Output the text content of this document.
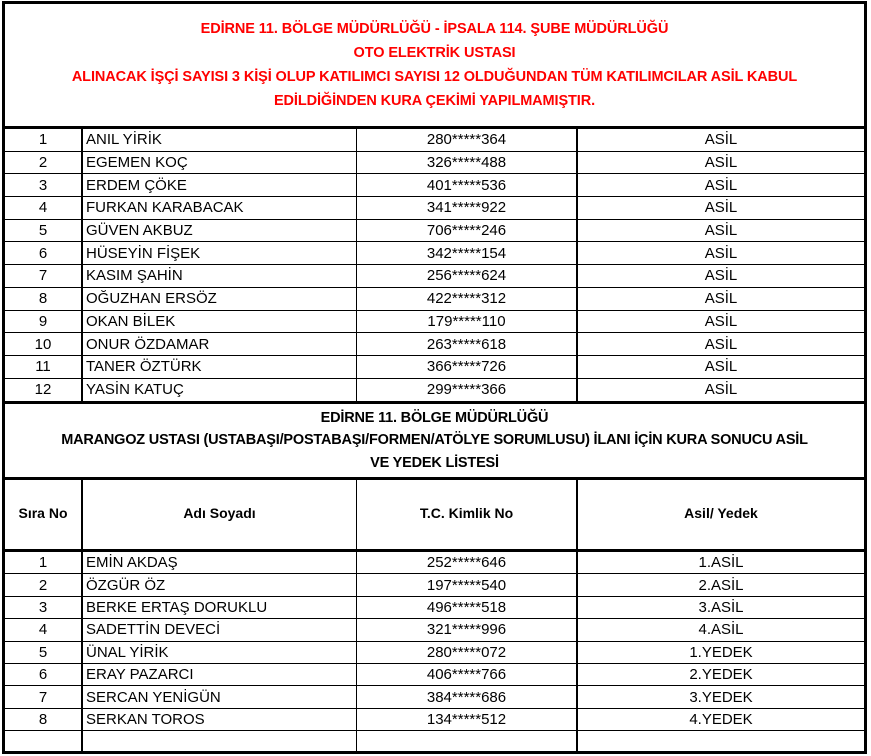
EDİRNE 11. BÖLGE MÜDÜRLÜĞÜ - İPSALA 114. ŞUBE MÜDÜRLÜĞÜ
OTO ELEKTRİK USTASI
ALINACAK İŞÇİ SAYISI 3 KİŞİ OLUP KATILIMCI SAYISI 12 OLDUĞUNDAN TÜM KATILIMCILAR ASİL KABUL
EDİLDİĞİNDEN KURA ÇEKİMİ YAPILMAMIŞTIR.
1	ANIL YİRİK	280*****364	ASİL
2	EGEMEN KOÇ	326*****488	ASİL
3	ERDEM ÇÖKE	401*****536	ASİL
4	FURKAN KARABACAK	341*****922	ASİL
5	GÜVEN AKBUZ	706*****246	ASİL
6	HÜSEYİN FİŞEK	342*****154	ASİL
7	KASIM ŞAHİN	256*****624	ASİL
8	OĞUZHAN ERSÖZ	422*****312	ASİL
9	OKAN BİLEK	179*****110	ASİL
10	ONUR ÖZDAMAR	263*****618	ASİL
11	TANER ÖZTÜRK	366*****726	ASİL
12	YASİN KATUÇ	299*****366	ASİL
EDİRNE 11. BÖLGE MÜDÜRLÜĞÜ
MARANGOZ USTASI (USTABAŞI/POSTABAŞI/FORMEN/ATÖLYE SORUMLUSU) İLANI İÇİN KURA SONUCU ASİL
VE YEDEK LİSTESİ
Sıra No	Adı Soyadı	T.C. Kimlik No	Asil/ Yedek
1	EMİN AKDAŞ	252*****646	1.ASİL
2	ÖZGÜR ÖZ	197*****540	2.ASİL
3	BERKE ERTAŞ DORUKLU	496*****518	3.ASİL
4	SADETTİN DEVECİ	321*****996	4.ASİL
5	ÜNAL YİRİK	280*****072	1.YEDEK
6	ERAY PAZARCI	406*****766	2.YEDEK
7	SERCAN YENİGÜN	384*****686	3.YEDEK
8	SERKAN TOROS	134*****512	4.YEDEK
